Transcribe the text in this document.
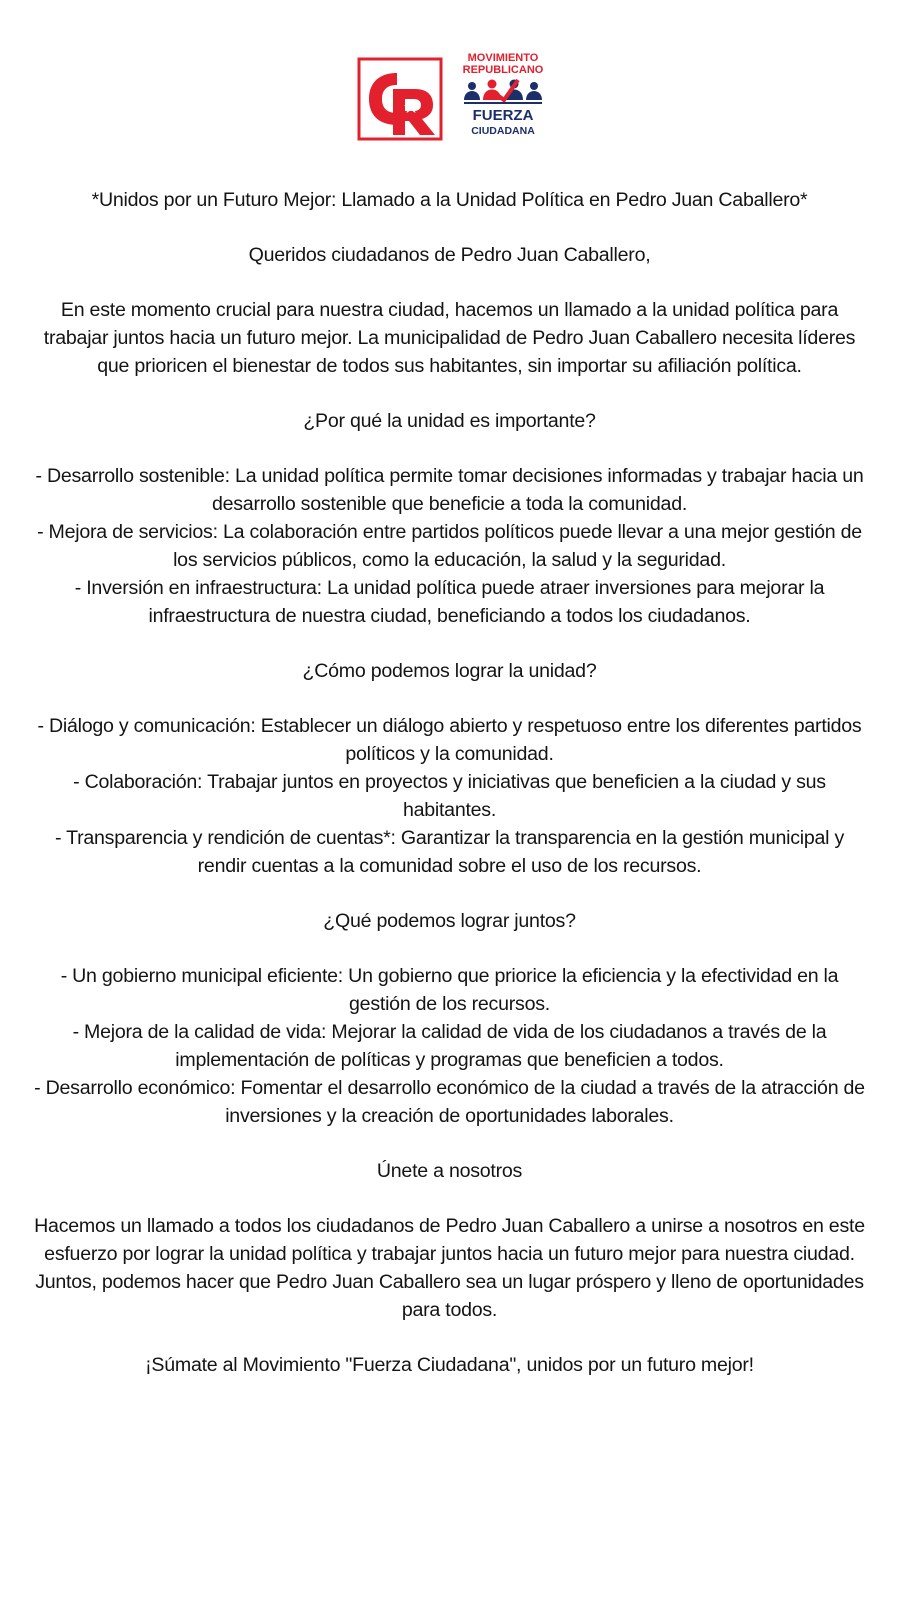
MOVIMIENTO
REPUBLICANO
FUERZA
CIUDADANA

*Unidos por un Futuro Mejor: Llamado a la Unidad Política en Pedro Juan Caballero*

Queridos ciudadanos de Pedro Juan Caballero,

En este momento crucial para nuestra ciudad, hacemos un llamado a la unidad política para trabajar juntos hacia un futuro mejor. La municipalidad de Pedro Juan Caballero necesita líderes que prioricen el bienestar de todos sus habitantes, sin importar su afiliación política.

¿Por qué la unidad es importante?

- Desarrollo sostenible: La unidad política permite tomar decisiones informadas y trabajar hacia un desarrollo sostenible que beneficie a toda la comunidad.

- Mejora de servicios: La colaboración entre partidos políticos puede llevar a una mejor gestión de los servicios públicos, como la educación, la salud y la seguridad.

- Inversión en infraestructura: La unidad política puede atraer inversiones para mejorar la infraestructura de nuestra ciudad, beneficiando a todos los ciudadanos.

¿Cómo podemos lograr la unidad?

- Diálogo y comunicación: Establecer un diálogo abierto y respetuoso entre los diferentes partidos políticos y la comunidad.

- Colaboración: Trabajar juntos en proyectos y iniciativas que beneficien a la ciudad y sus habitantes.

- Transparencia y rendición de cuentas*: Garantizar la transparencia en la gestión municipal y rendir cuentas a la comunidad sobre el uso de los recursos.

¿Qué podemos lograr juntos?

- Un gobierno municipal eficiente: Un gobierno que priorice la eficiencia y la efectividad en la gestión de los recursos.

- Mejora de la calidad de vida: Mejorar la calidad de vida de los ciudadanos a través de la implementación de políticas y programas que beneficien a todos.

- Desarrollo económico: Fomentar el desarrollo económico de la ciudad a través de la atracción de inversiones y la creación de oportunidades laborales.

Únete a nosotros

Hacemos un llamado a todos los ciudadanos de Pedro Juan Caballero a unirse a nosotros en este esfuerzo por lograr la unidad política y trabajar juntos hacia un futuro mejor para nuestra ciudad. Juntos, podemos hacer que Pedro Juan Caballero sea un lugar próspero y lleno de oportunidades para todos.

¡Súmate al Movimiento "Fuerza Ciudadana", unidos por un futuro mejor!
